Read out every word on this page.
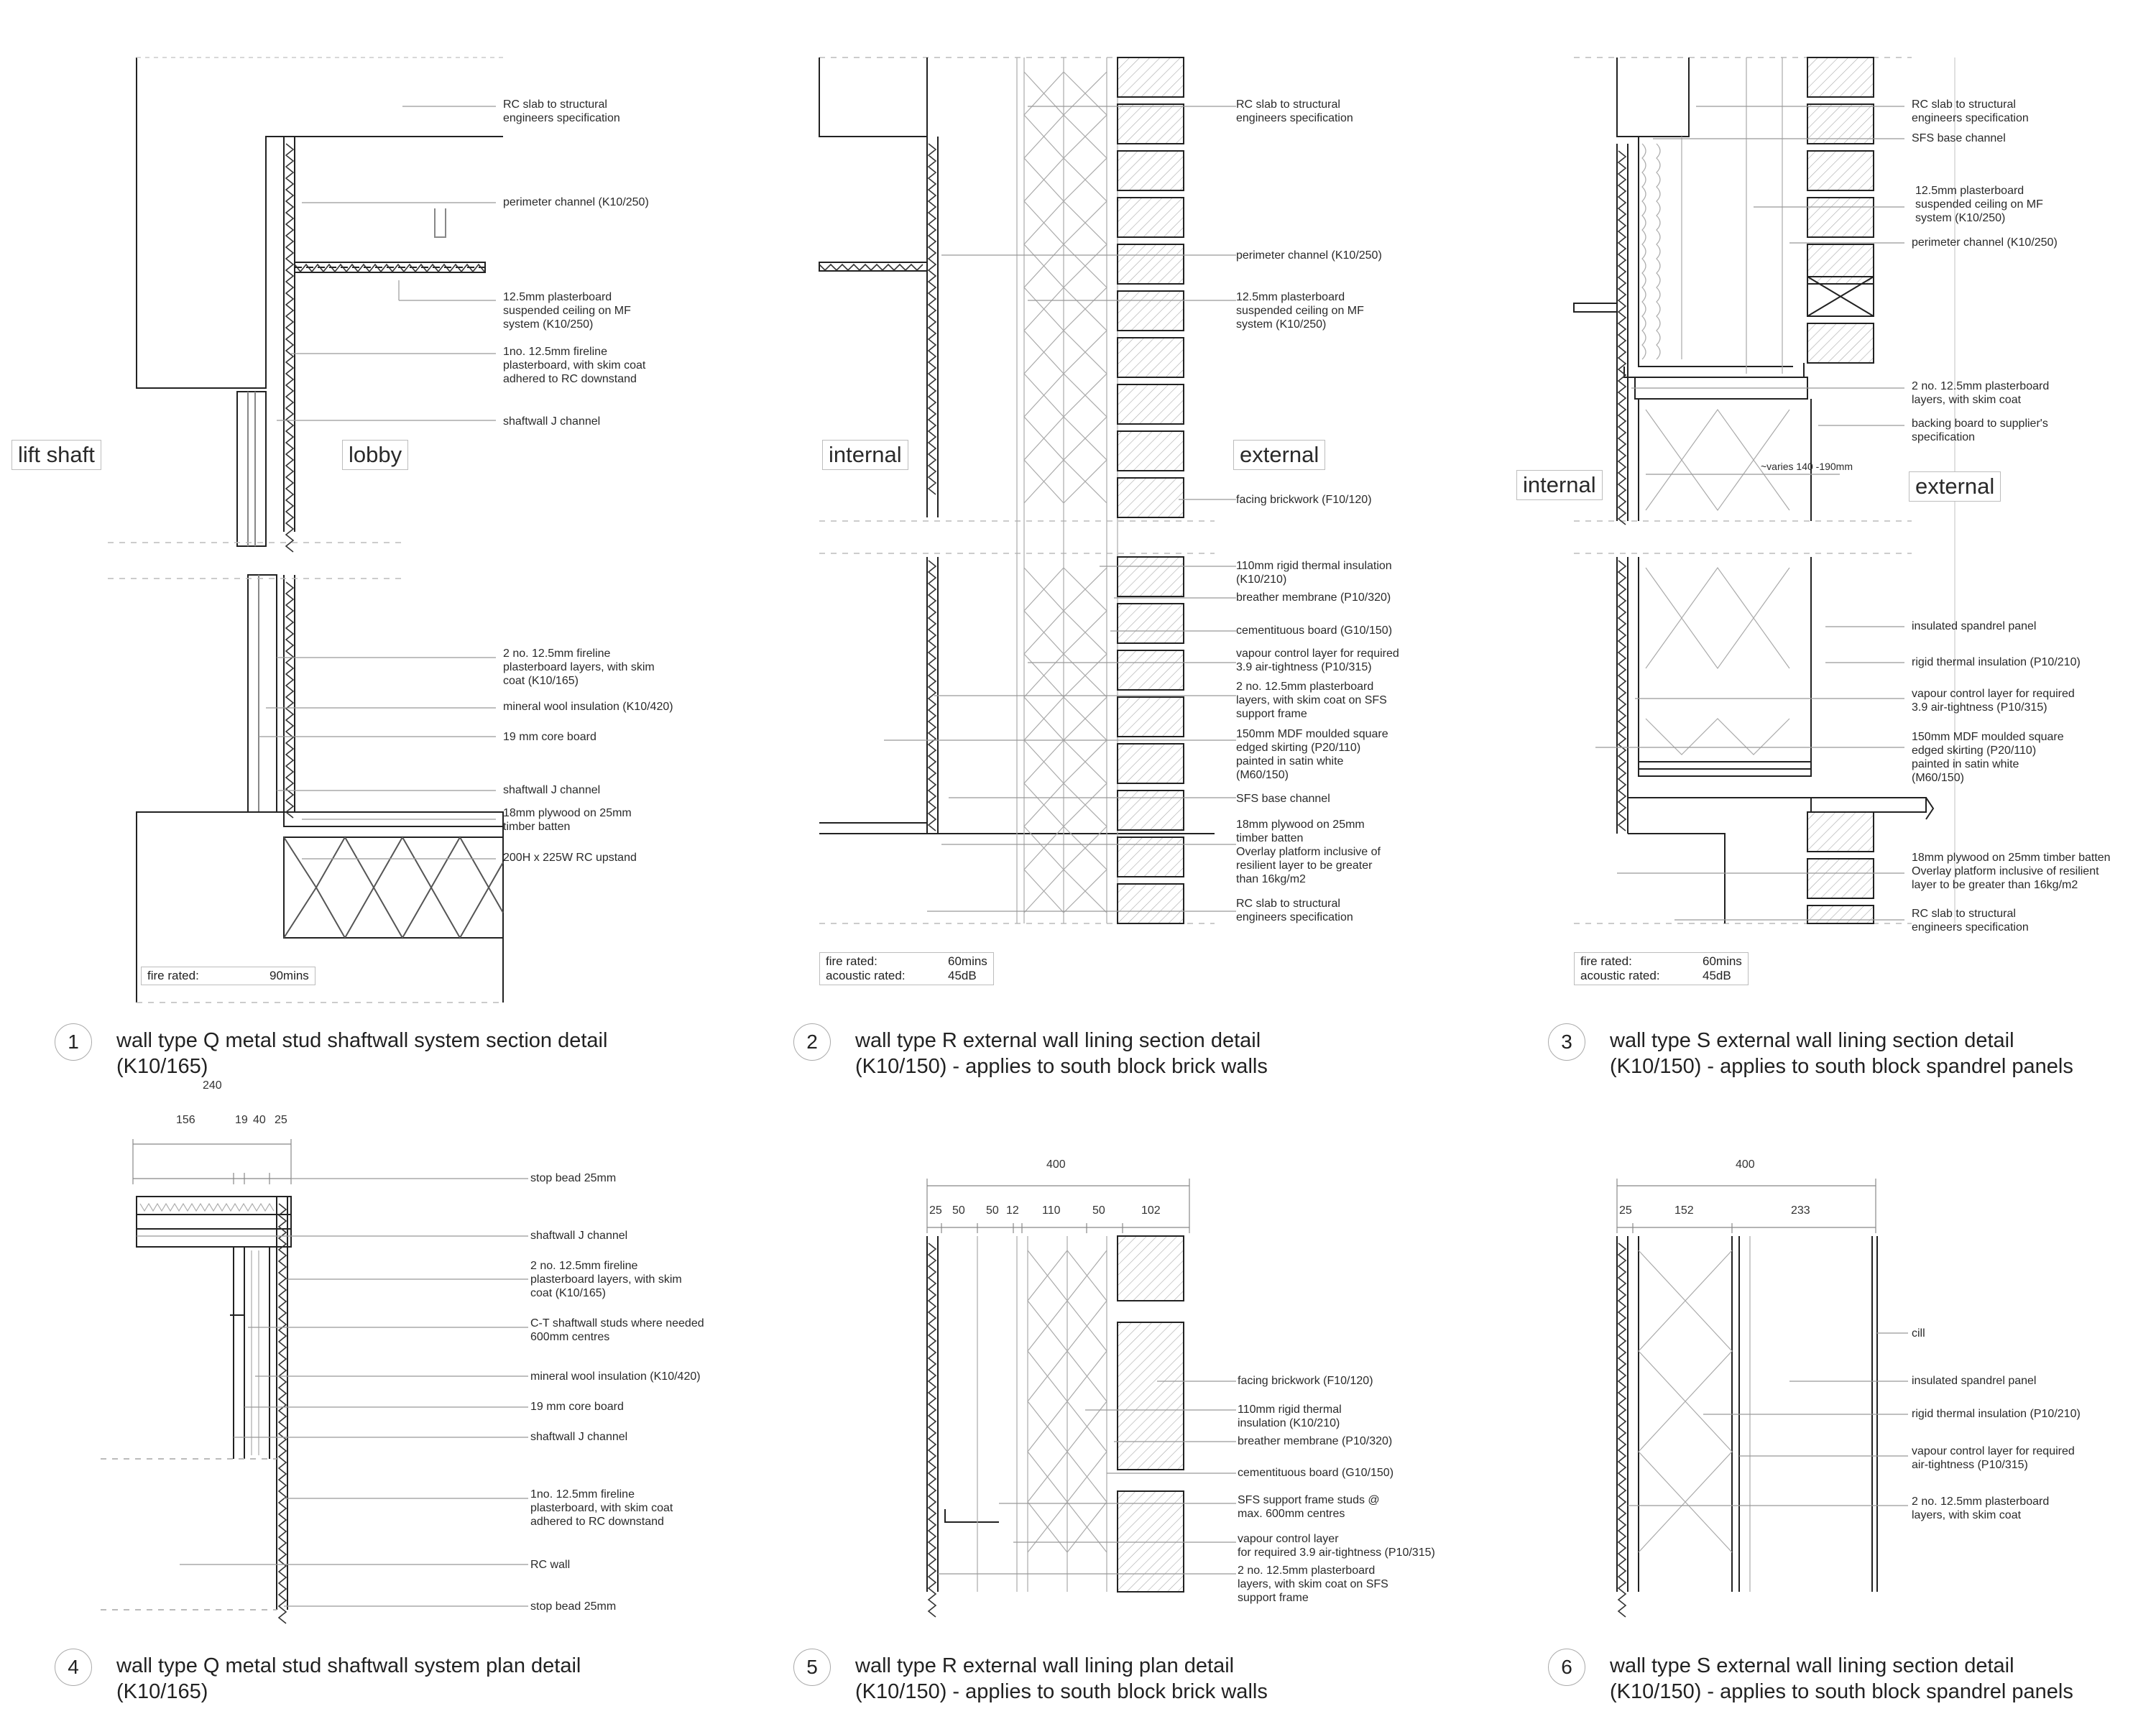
RC slab to structural
engineers specification
perimeter channel (K10/250)
12.5mm plasterboard
suspended ceiling on MF
system (K10/250)
1no. 12.5mm fireline
plasterboard, with skim coat
adhered to RC downstand
shaftwall J channel
2 no. 12.5mm fireline
plasterboard layers, with skim
coat (K10/165)
mineral wool insulation (K10/420)
19 mm core board
shaftwall J channel
18mm plywood on 25mm
timber batten
200H x 225W RC upstand
lift shaft	lobby
fire rated:	90mins
1	wall type Q metal stud shaftwall system section detail
(K10/165)
RC slab to structural
engineers specification
perimeter channel (K10/250)
12.5mm plasterboard
suspended ceiling on MF
system (K10/250)
facing brickwork (F10/120)
110mm rigid thermal insulation
(K10/210)
breather membrane (P10/320)
cementituous board (G10/150)
vapour control layer for required
3.9 air-tightness (P10/315)
2 no. 12.5mm plasterboard
layers, with skim coat on SFS
support frame
150mm MDF moulded square
edged skirting (P20/110)
painted in satin white
(M60/150)
SFS base channel
18mm plywood on 25mm
timber batten
Overlay platform inclusive of
resilient layer to be greater
than 16kg/m2
RC slab to structural
engineers specification
internal	external
fire rated:	60mins
acoustic rated:	45dB
2	wall type R external wall lining section detail
(K10/150) - applies to south block brick walls
RC slab to structural
engineers specification
SFS base channel
12.5mm plasterboard
suspended ceiling on MF
system (K10/250)
perimeter channel (K10/250)
2 no. 12.5mm plasterboard
layers, with skim coat
backing board to supplier's
specification
insulated spandrel panel
rigid thermal insulation (P10/210)
vapour control layer for required
3.9 air-tightness (P10/315)
150mm MDF moulded square
edged skirting (P20/110)
painted in satin white
(M60/150)
18mm plywood on 25mm timber batten
Overlay platform inclusive of resilient
layer to be greater than 16kg/m2
RC slab to structural
engineers specification
~varies 140 -190mm
internal	external
fire rated:	60mins
acoustic rated:	45dB
3	wall type S external wall lining section detail
(K10/150) - applies to south block spandrel panels
240
156	19 40 25
stop bead 25mm
shaftwall J channel
2 no. 12.5mm fireline
plasterboard layers, with skim
coat (K10/165)
C-T shaftwall studs where needed
600mm centres
mineral wool insulation (K10/420)
19 mm core board
shaftwall J channel
1no. 12.5mm fireline
plasterboard, with skim coat
adhered to RC downstand
RC wall
stop bead 25mm
4	wall type Q metal stud shaftwall system plan detail
(K10/165)
400
25 50 50 12 110	50	102
facing brickwork (F10/120)
110mm rigid thermal
insulation (K10/210)
breather membrane (P10/320)
cementituous board (G10/150)
SFS support frame studs @
max. 600mm centres
vapour control layer
for required 3.9 air-tightness (P10/315)
2 no. 12.5mm plasterboard
layers, with skim coat on SFS
support frame
5	wall type R external wall lining plan detail
(K10/150) - applies to south block brick walls
400
25	152	233
cill
insulated spandrel panel
rigid thermal insulation (P10/210)
vapour control layer for required
air-tightness (P10/315)
2 no. 12.5mm plasterboard
layers, with skim coat
6	wall type S external wall lining section detail
(K10/150) - applies to south block spandrel panels
